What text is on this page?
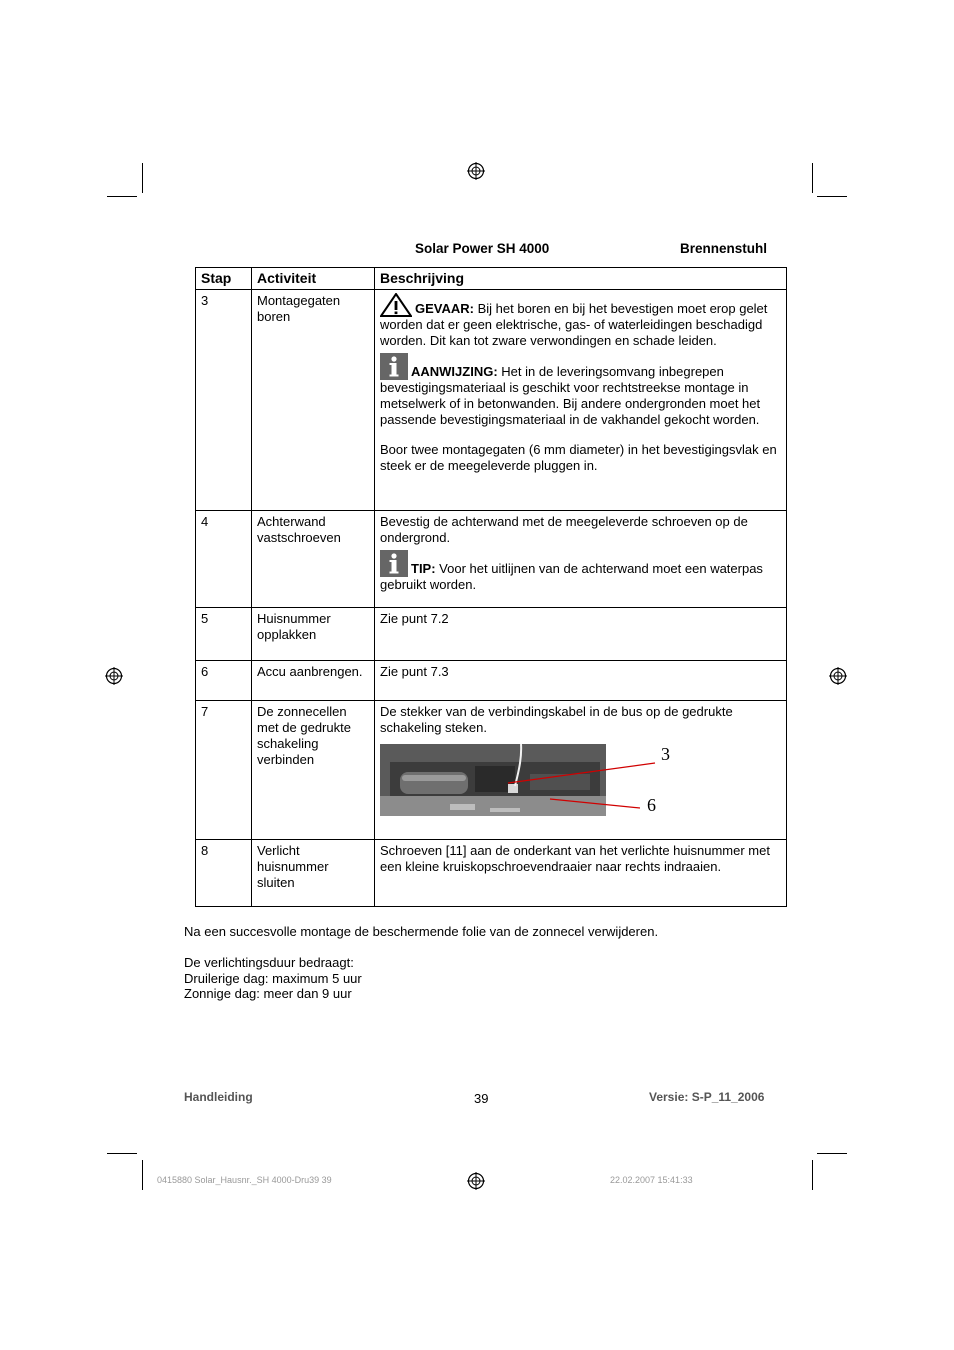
Solar Power SH 4000	Brennenstuhl
Stap	Activiteit	Beschrijving
3	Montagegaten boren	GEVAAR: Bij het boren en bij het bevestigen moet erop gelet worden dat er geen elektrische, gas- of waterleidingen beschadigd worden. Dit kan tot zware verwondingen en schade leiden.

AANWIJZING: Het in de leveringsomvang inbegrepen bevestigingsmateriaal is geschikt voor rechtstreekse montage in metselwerk of in betonwanden. Bij andere ondergronden moet het passende bevestigingsmateriaal in de vakhandel gekocht worden.

Boor twee montagegaten (6 mm diameter) in het bevestigingsvlak en steek er de meegeleverde pluggen in.

4	Achterwand vastschroeven	Bevestig de achterwand met de meegeleverde schroeven op de ondergrond.

TIP: Voor het uitlijnen van de achterwand moet een waterpas gebruikt worden.

5	Huisnummer opplakken	Zie punt 7.2
6	Accu aanbrengen.	Zie punt 7.3
7	De zonnecellen met de gedrukte schakeling verbinden	De stekker van de verbindingskabel in de bus op de gedrukte schakeling steken.

3
6

8	Verlicht huisnummer sluiten	Schroeven [11] aan de onderkant van het verlichte huisnummer met een kleine kruiskopschroevendraaier naar rechts indraaien.
Na een succesvolle montage de beschermende folie van de zonnecel verwijderen.
De verlichtingsduur bedraagt:
Druilerige dag: maximum 5 uur
Zonnige dag: meer dan 9 uur
Handleiding	39	Versie: S-P_11_2006
0415880 Solar_Hausnr._SH 4000-Dru39 39	22.02.2007 15:41:33
